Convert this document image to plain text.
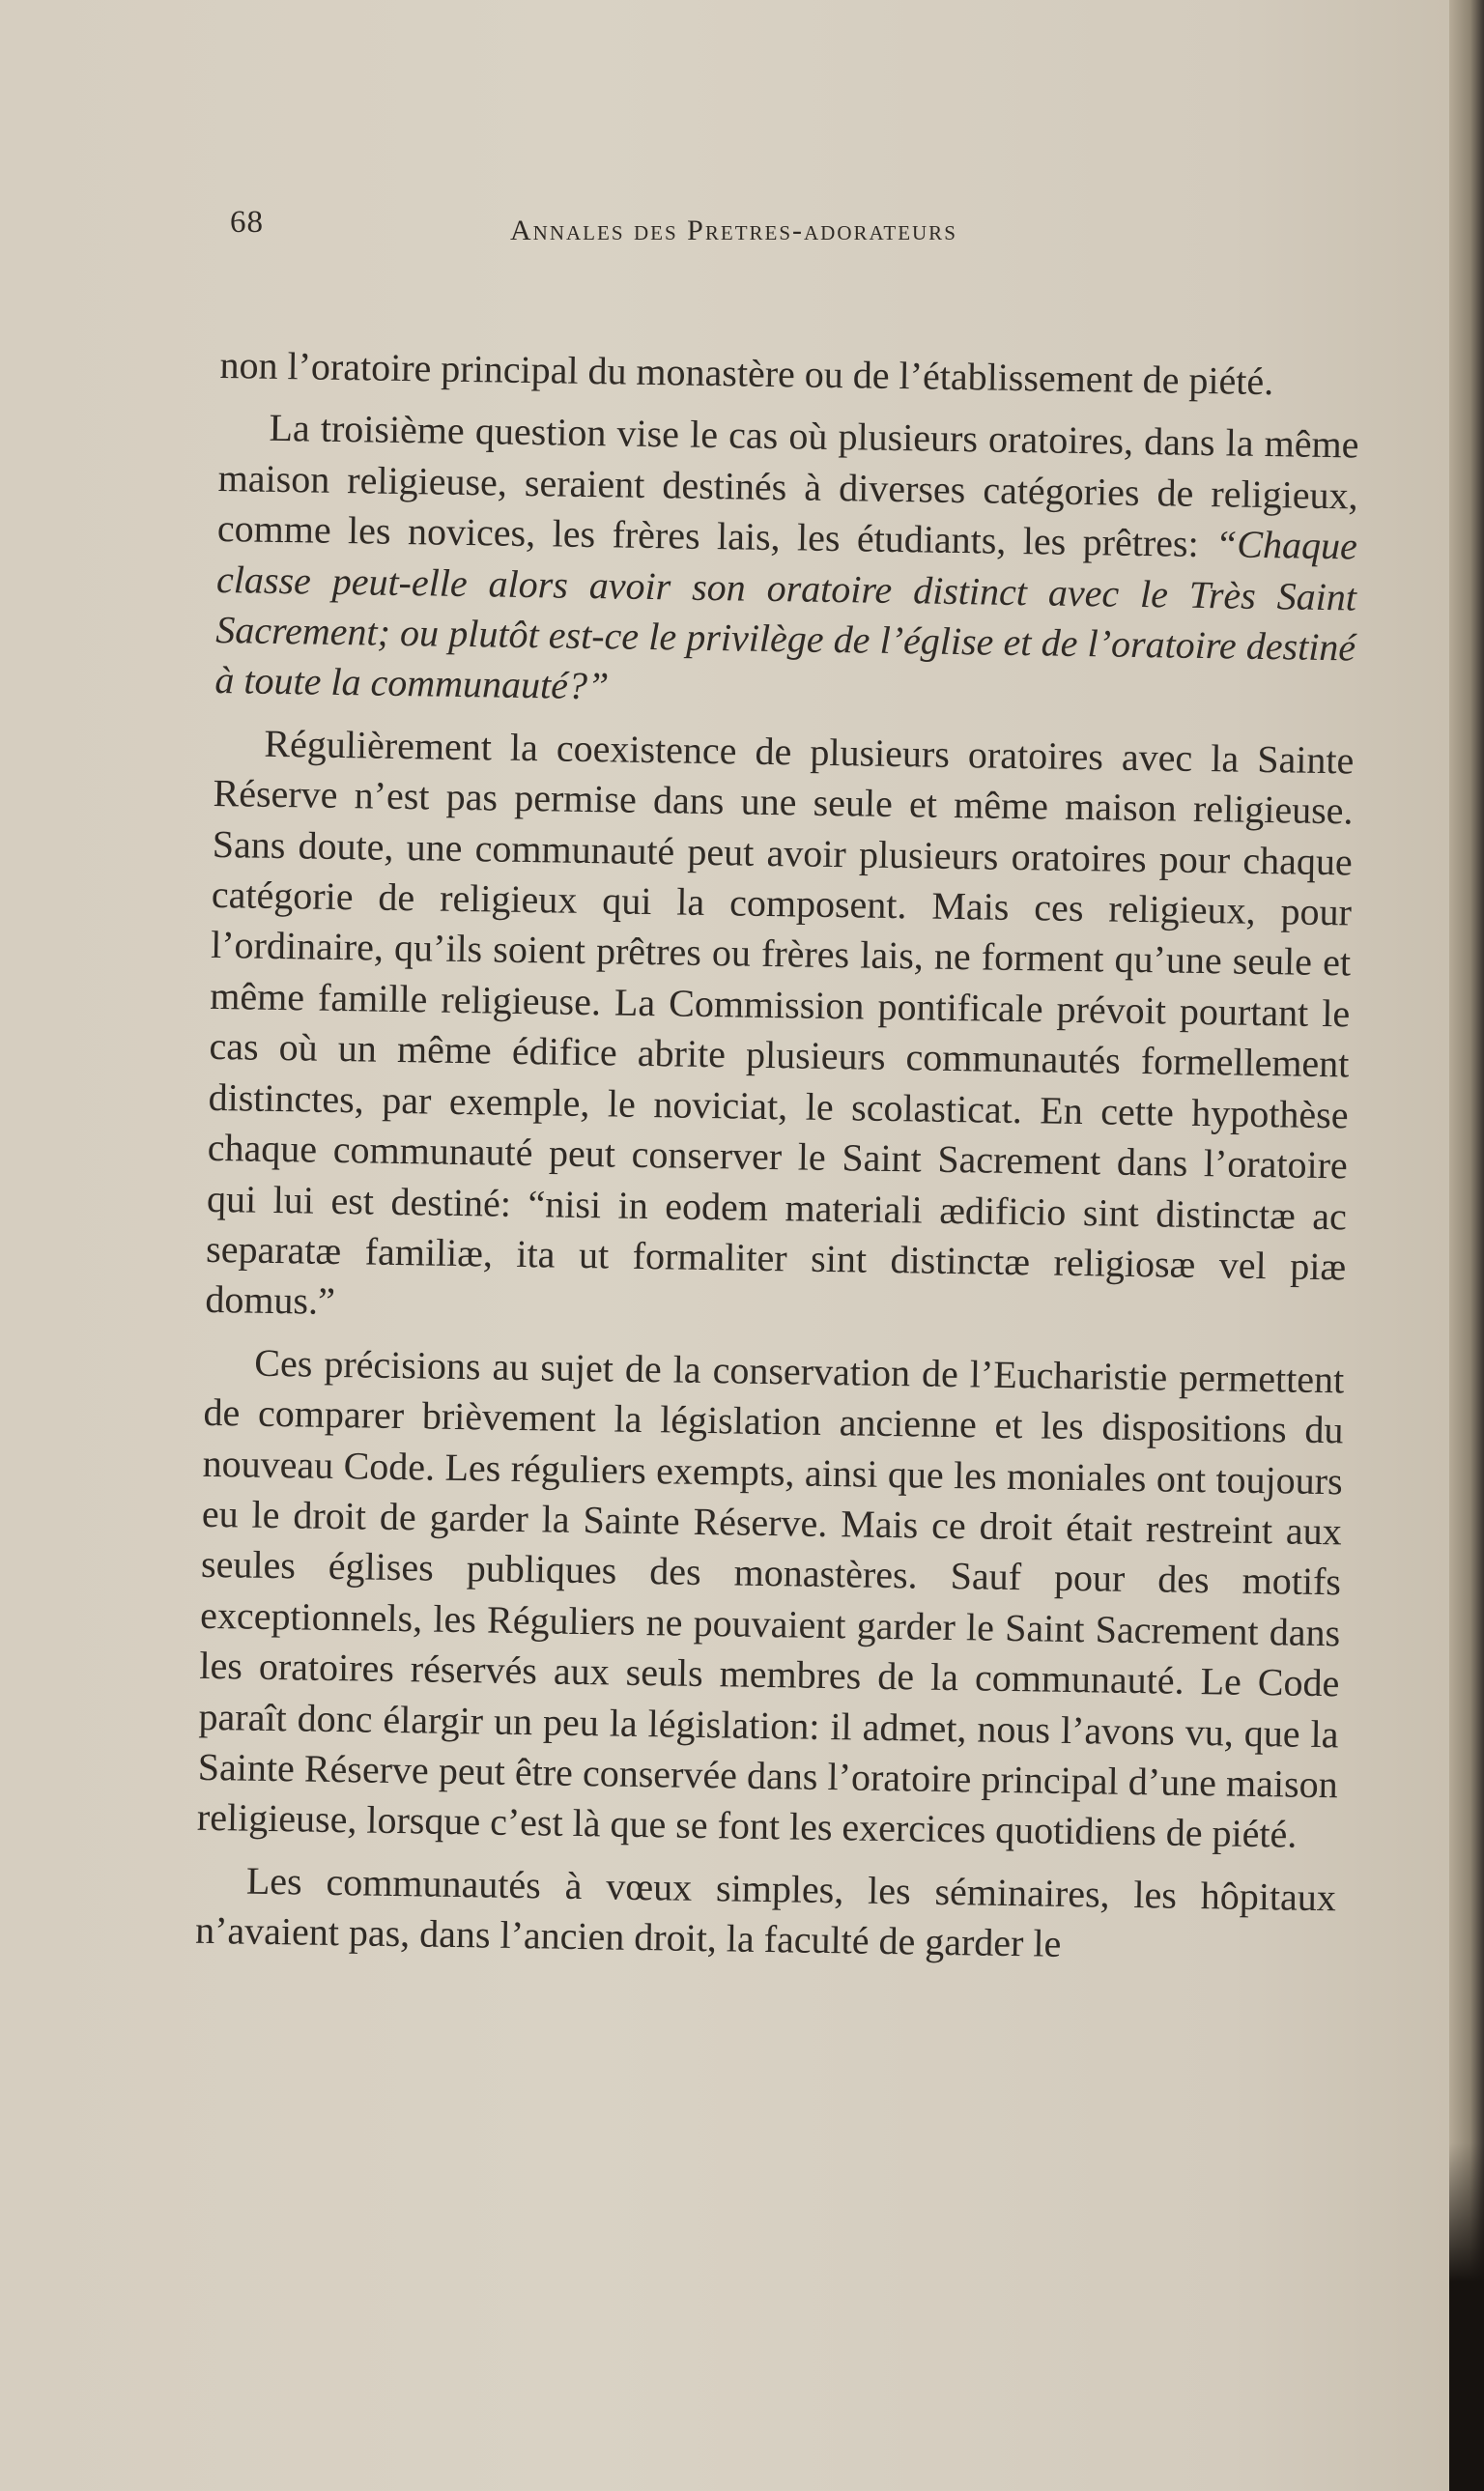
68	Annales des Pretres-adorateurs

non l’oratoire principal du monastère ou de l’établissement de piété.

La troisième question vise le cas où plusieurs oratoires, dans la même maison religieuse, seraient destinés à diverses catégories de religieux, comme les novices, les frères lais, les étudiants, les prêtres: “Chaque classe peut-elle alors avoir son oratoire distinct avec le Très Saint Sacrement; ou plutôt est-ce le privilège de l’église et de l’oratoire destiné à toute la communauté?”

Régulièrement la coexistence de plusieurs oratoires avec la Sainte Réserve n’est pas permise dans une seule et même maison religieuse. Sans doute, une communauté peut avoir plusieurs oratoires pour chaque catégorie de religieux qui la composent. Mais ces religieux, pour l’ordinaire, qu’ils soient prêtres ou frères lais, ne forment qu’une seule et même famille religieuse. La Commission pontificale prévoit pourtant le cas où un même édifice abrite plusieurs communautés formellement distinctes, par exemple, le noviciat, le scolasticat. En cette hypothèse chaque communauté peut conserver le Saint Sacrement dans l’oratoire qui lui est destiné: “nisi in eodem materiali ædificio sint distinctæ ac separatæ familiæ, ita ut formaliter sint distinctæ religiosæ vel piæ domus.”

Ces précisions au sujet de la conservation de l’Eucharistie permettent de comparer brièvement la législation ancienne et les dispositions du nouveau Code. Les réguliers exempts, ainsi que les moniales ont toujours eu le droit de garder la Sainte Réserve. Mais ce droit était restreint aux seules églises publiques des monastères. Sauf pour des motifs exceptionnels, les Réguliers ne pouvaient garder le Saint Sacrement dans les oratoires réservés aux seuls membres de la communauté. Le Code paraît donc élargir un peu la législation: il admet, nous l’avons vu, que la Sainte Réserve peut être conservée dans l’oratoire principal d’une maison religieuse, lorsque c’est là que se font les exercices quotidiens de piété.

Les communautés à vœux simples, les séminaires, les hôpitaux n’avaient pas, dans l’ancien droit, la faculté de garder le
